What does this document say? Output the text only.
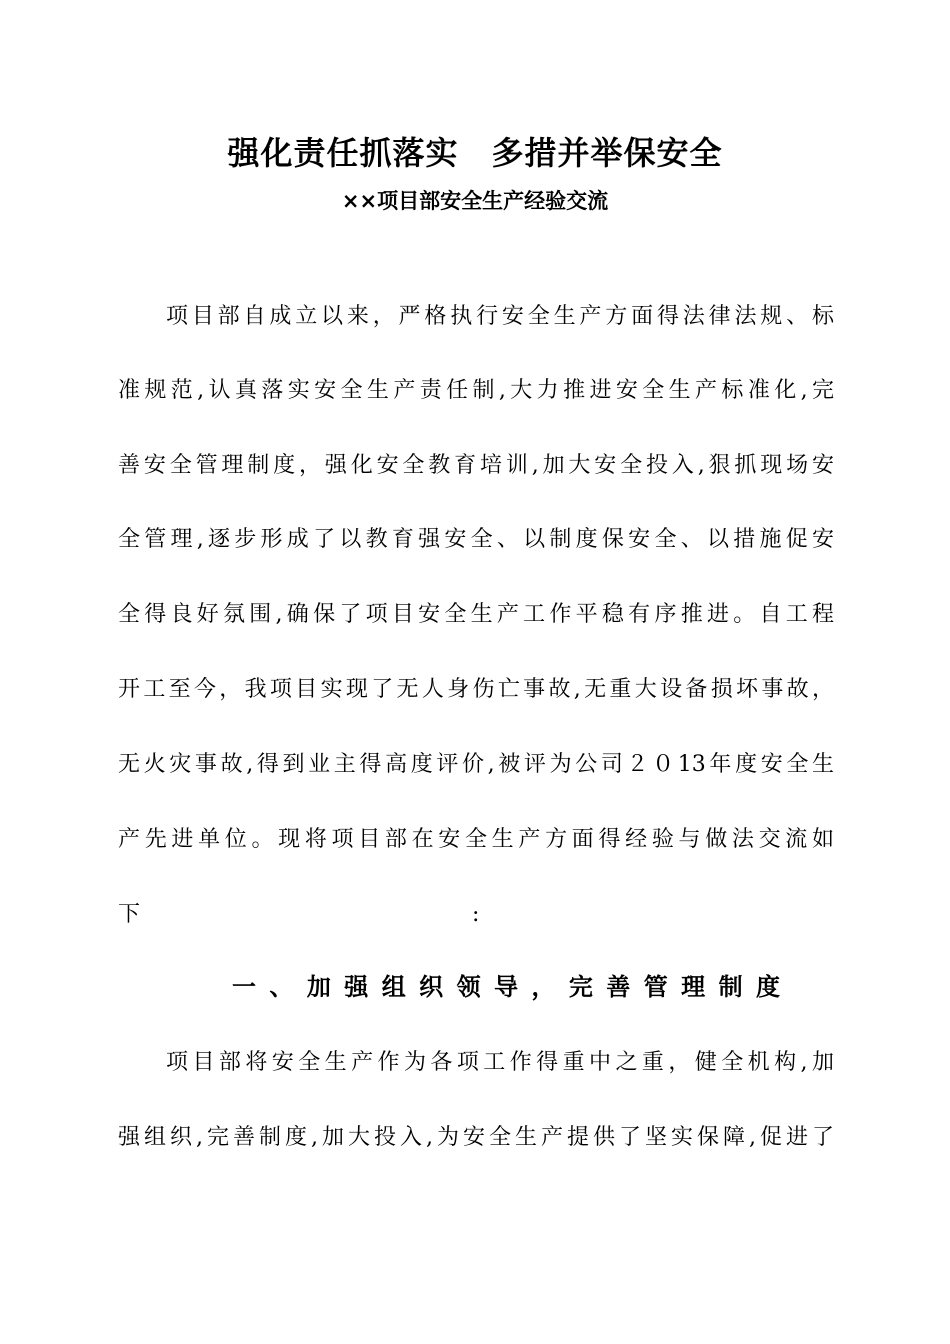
强化责任抓落实　多措并举保安全
××项目部安全生产经验交流
项目部自成立以来，严格执行安全生产方面得法律法规、标
准规范,认真落实安全生产责任制,大力推进安全生产标准化,完
善安全管理制度，强化安全教育培训,加大安全投入,狠抓现场安
全管理,逐步形成了以教育强安全、以制度保安全、以措施促安
全得良好氛围,确保了项目安全生产工作平稳有序推进。自工程
开工至今，我项目实现了无人身伤亡事故,无重大设备损坏事故，
无火灾事故,得到业主得高度评价,被评为公司２０13年度安全生
产先进单位。现将项目部在安全生产方面得经验与做法交流如
下	:
一、加强组织领导，完善管理制度
项目部将安全生产作为各项工作得重中之重，健全机构,加
强组织,完善制度,加大投入,为安全生产提供了坚实保障,促进了
